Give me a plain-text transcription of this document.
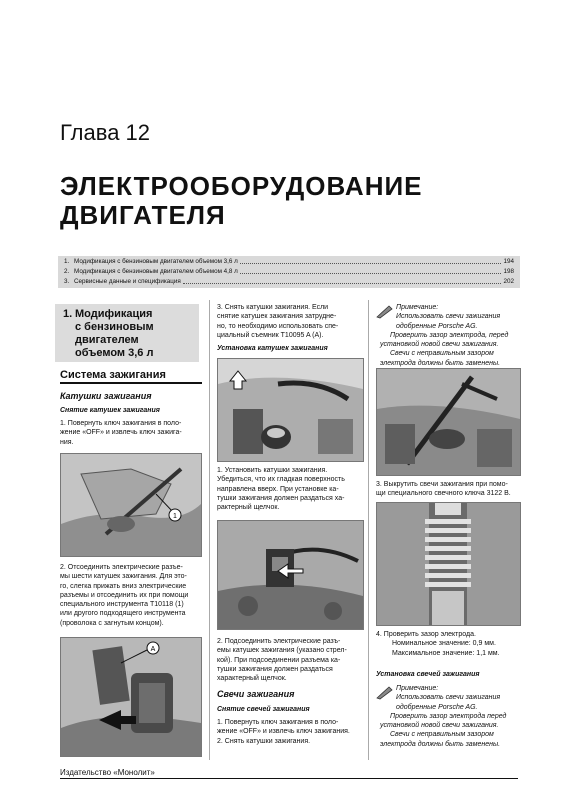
Глава 12
ЭЛЕКТРООБОРУДОВАНИЕ
ДВИГАТЕЛЯ
1. Модификация с бензиновым двигателем объемом 3,6 л	194
2. Модификация с бензиновым двигателем объемом 4,8 л	198
3. Сервисные данные и спецификация	202
1. Модификация
с бензиновым
двигателем
объемом 3,6 л
Система зажигания
Катушки зажигания
Снятие катушек зажигания
1. Повернуть ключ зажигания в поло-
жение «OFF» и извлечь ключ зажига-
ния.
1
2. Отсоединить электрические разъе-
мы шести катушек зажигания. Для это-
го, слегка прижать вниз электрические
разъемы и отсоединить их при помощи
специального инструмента T10118 (1)
или другого подходящего инструмента
(проволока с загнутым концом).
A
3. Снять катушки зажигания. Если
снятие катушек зажигания затрудне-
но, то необходимо использовать спе-
циальный съемник T10095 A (A).
Установка катушек зажигания
1. Установить катушки зажигания.
Убедиться, что их гладкая поверхность
направлена вверх. При установке ка-
тушки зажигания должен раздаться ха-
рактерный щелчок.
2. Подсоединить электрические разъ-
емы катушек зажигания (указано стрел-
кой). При подсоединении разъема ка-
тушки зажигания должен раздаться
характерный щелчок.
Свечи зажигания
Снятие свечей зажигания
1. Повернуть ключ зажигания в поло-
жение «OFF» и извлечь ключ зажигания.
2. Снять катушки зажигания.
Примечание:
Использовать свечи зажигания
одобренные Porsche AG.
Проверить зазор электрода, перед
установкой новой свечи зажигания.
Свечи с неправильным зазором
электрода должны быть заменены.
3. Выкрутить свечи зажигания при помо-
щи специального свечного ключа 3122 B.
4. Проверить зазор электрода.
Номинальное значение: 0,9 мм.
Максимальное значение: 1,1 мм.
Установка свечей зажигания
Примечание:
Использовать свечи зажигания
одобренные Porsche AG.
Проверить зазор электрода перед
установкой новой свечи зажигания.
Свечи с неправильным зазором
электрода должны быть заменены.
Издательство «Монолит»
